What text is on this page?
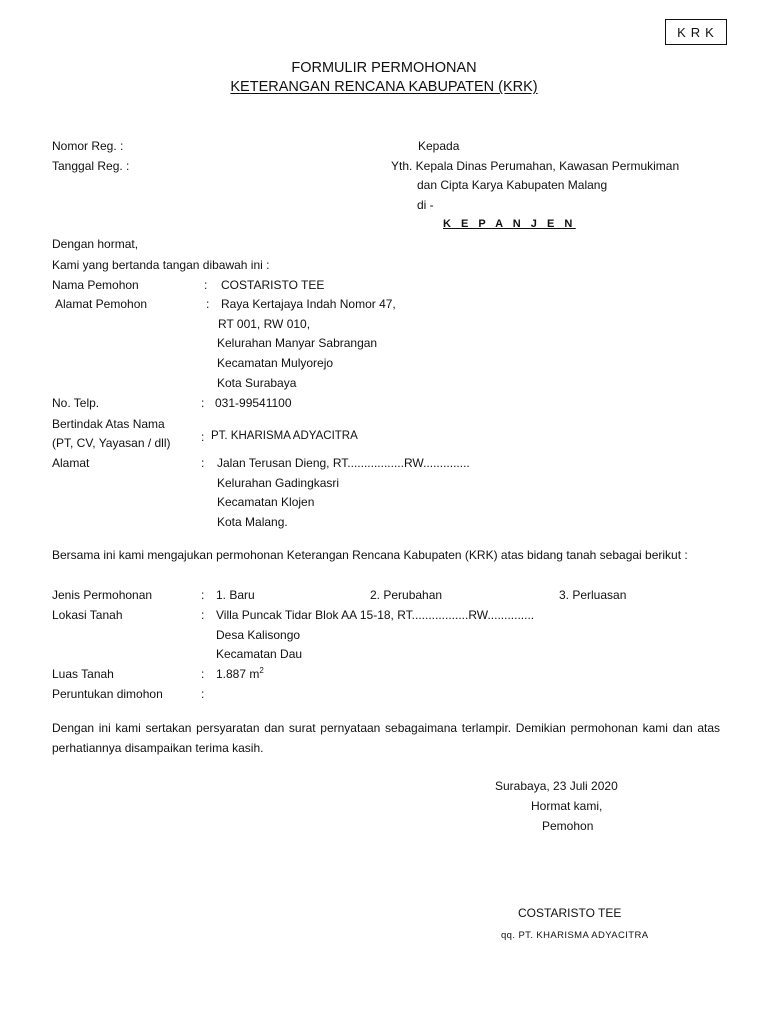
KRK
FORMULIR PERMOHONAN
KETERANGAN RENCANA KABUPATEN (KRK)
Nomor Reg. :
Tanggal Reg. :
Kepada
Yth. Kepala Dinas Perumahan, Kawasan Permukiman
dan Cipta Karya Kabupaten Malang
di -
K E P A N J E N
Dengan hormat,
Kami yang bertanda tangan dibawah ini :
Nama Pemohon	: COSTARISTO TEE
Alamat Pemohon	: Raya Kertajaya Indah Nomor 47,
RT 001, RW 010,
Kelurahan Manyar Sabrangan
Kecamatan Mulyorejo
Kota Surabaya
No. Telp.	: 031-99541100
Bertindak Atas Nama
(PT, CV, Yayasan / dll)	: PT. KHARISMA ADYACITRA
Alamat	: Jalan Terusan Dieng, RT.................RW..............
Kelurahan Gadingkasri
Kecamatan Klojen
Kota Malang.
Bersama ini kami mengajukan permohonan Keterangan Rencana Kabupaten (KRK) atas bidang tanah sebagai berikut :
Jenis Permohonan	: 1. Baru	2. Perubahan	3. Perluasan
Lokasi Tanah	: Villa Puncak Tidar Blok AA 15-18, RT.................RW..............
Desa Kalisongo
Kecamatan Dau
Luas Tanah	: 1.887 $m^2$
Peruntukan dimohon	:
Dengan ini kami sertakan persyaratan dan surat pernyataan sebagaimana terlampir. Demikian permohonan kami dan atas perhatiannya disampaikan terima kasih.
Surabaya, 23 Juli 2020
Hormat kami,
Pemohon
COSTARISTO TEE
qq. PT. KHARISMA ADYACITRA
